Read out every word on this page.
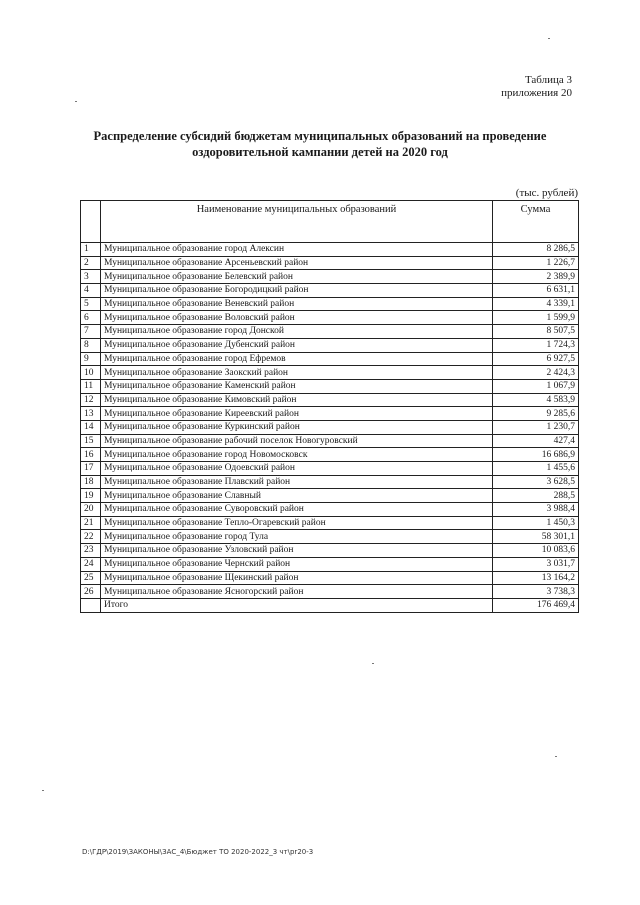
Таблица 3
приложения 20
Распределение субсидий бюджетам муниципальных образований на проведение
оздоровительной кампании детей на 2020 год
(тыс. рублей)
	Наименование муниципальных образований	Сумма
1	Муниципальное образование город Алексин	8 286,5
2	Муниципальное образование Арсеньевский район	1 226,7
3	Муниципальное образование Белевский район	2 389,9
4	Муниципальное образование Богородицкий район	6 631,1
5	Муниципальное образование Веневский район	4 339,1
6	Муниципальное образование Воловский район	1 599,9
7	Муниципальное образование город Донской	8 507,5
8	Муниципальное образование Дубенский район	1 724,3
9	Муниципальное образование город Ефремов	6 927,5
10	Муниципальное образование Заокский район	2 424,3
11	Муниципальное образование Каменский район	1 067,9
12	Муниципальное образование Кимовский район	4 583,9
13	Муниципальное образование Киреевский район	9 285,6
14	Муниципальное образование Куркинский район	1 230,7
15	Муниципальное образование рабочий поселок Новогуровский	427,4
16	Муниципальное образование город Новомосковск	16 686,9
17	Муниципальное образование Одоевский район	1 455,6
18	Муниципальное образование Плавский район	3 628,5
19	Муниципальное образование Славный	288,5
20	Муниципальное образование Суворовский район	3 988,4
21	Муниципальное образование Тепло-Огаревский район	1 450,3
22	Муниципальное образование город Тула	58 301,1
23	Муниципальное образование Узловский район	10 083,6
24	Муниципальное образование Чернский район	3 031,7
25	Муниципальное образование Щекинский район	13 164,2
26	Муниципальное образование Ясногорский район	3 738,3
	Итого	176 469,4
D:\ГДР\2019\ЗАКОНЫ\ЗАС_4\Бюджет ТО 2020-2022_3 чт\pr20-3
